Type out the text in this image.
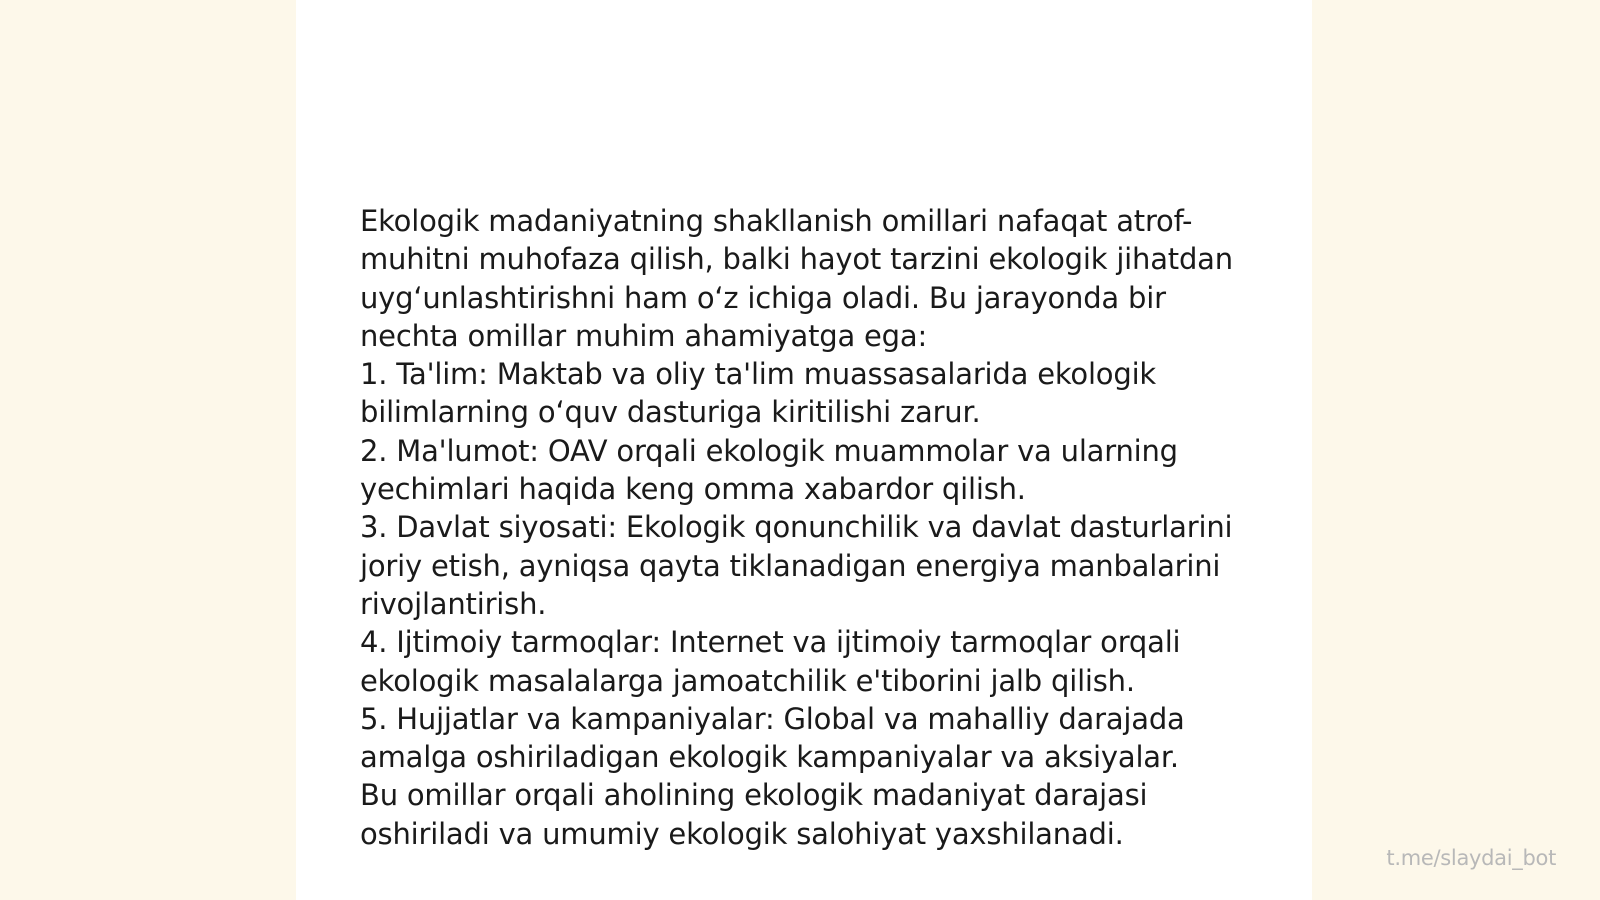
Ekologik madaniyatning shakllanish omillari nafaqat atrof-muhitni muhofaza qilish, balki hayot tarzini ekologik jihatdan uygʻunlashtirishni ham oʻz ichiga oladi. Bu jarayonda bir nechta omillar muhim ahamiyatga ega:

1. Ta'lim: Maktab va oliy ta'lim muassasalarida ekologik bilimlarning oʻquv dasturiga kiritilishi zarur.

2. Ma'lumot: OAV orqali ekologik muammolar va ularning yechimlari haqida keng omma xabardor qilish.

3. Davlat siyosati: Ekologik qonunchilik va davlat dasturlarini joriy etish, ayniqsa qayta tiklanadigan energiya manbalarini rivojlantirish.

4. Ijtimoiy tarmoqlar: Internet va ijtimoiy tarmoqlar orqali ekologik masalalarga jamoatchilik e'tiborini jalb qilish.

5. Hujjatlar va kampaniyalar: Global va mahalliy darajada amalga oshiriladigan ekologik kampaniyalar va aksiyalar.

Bu omillar orqali aholining ekologik madaniyat darajasi oshiriladi va umumiy ekologik salohiyat yaxshilanadi.

t.me/slaydai_bot
